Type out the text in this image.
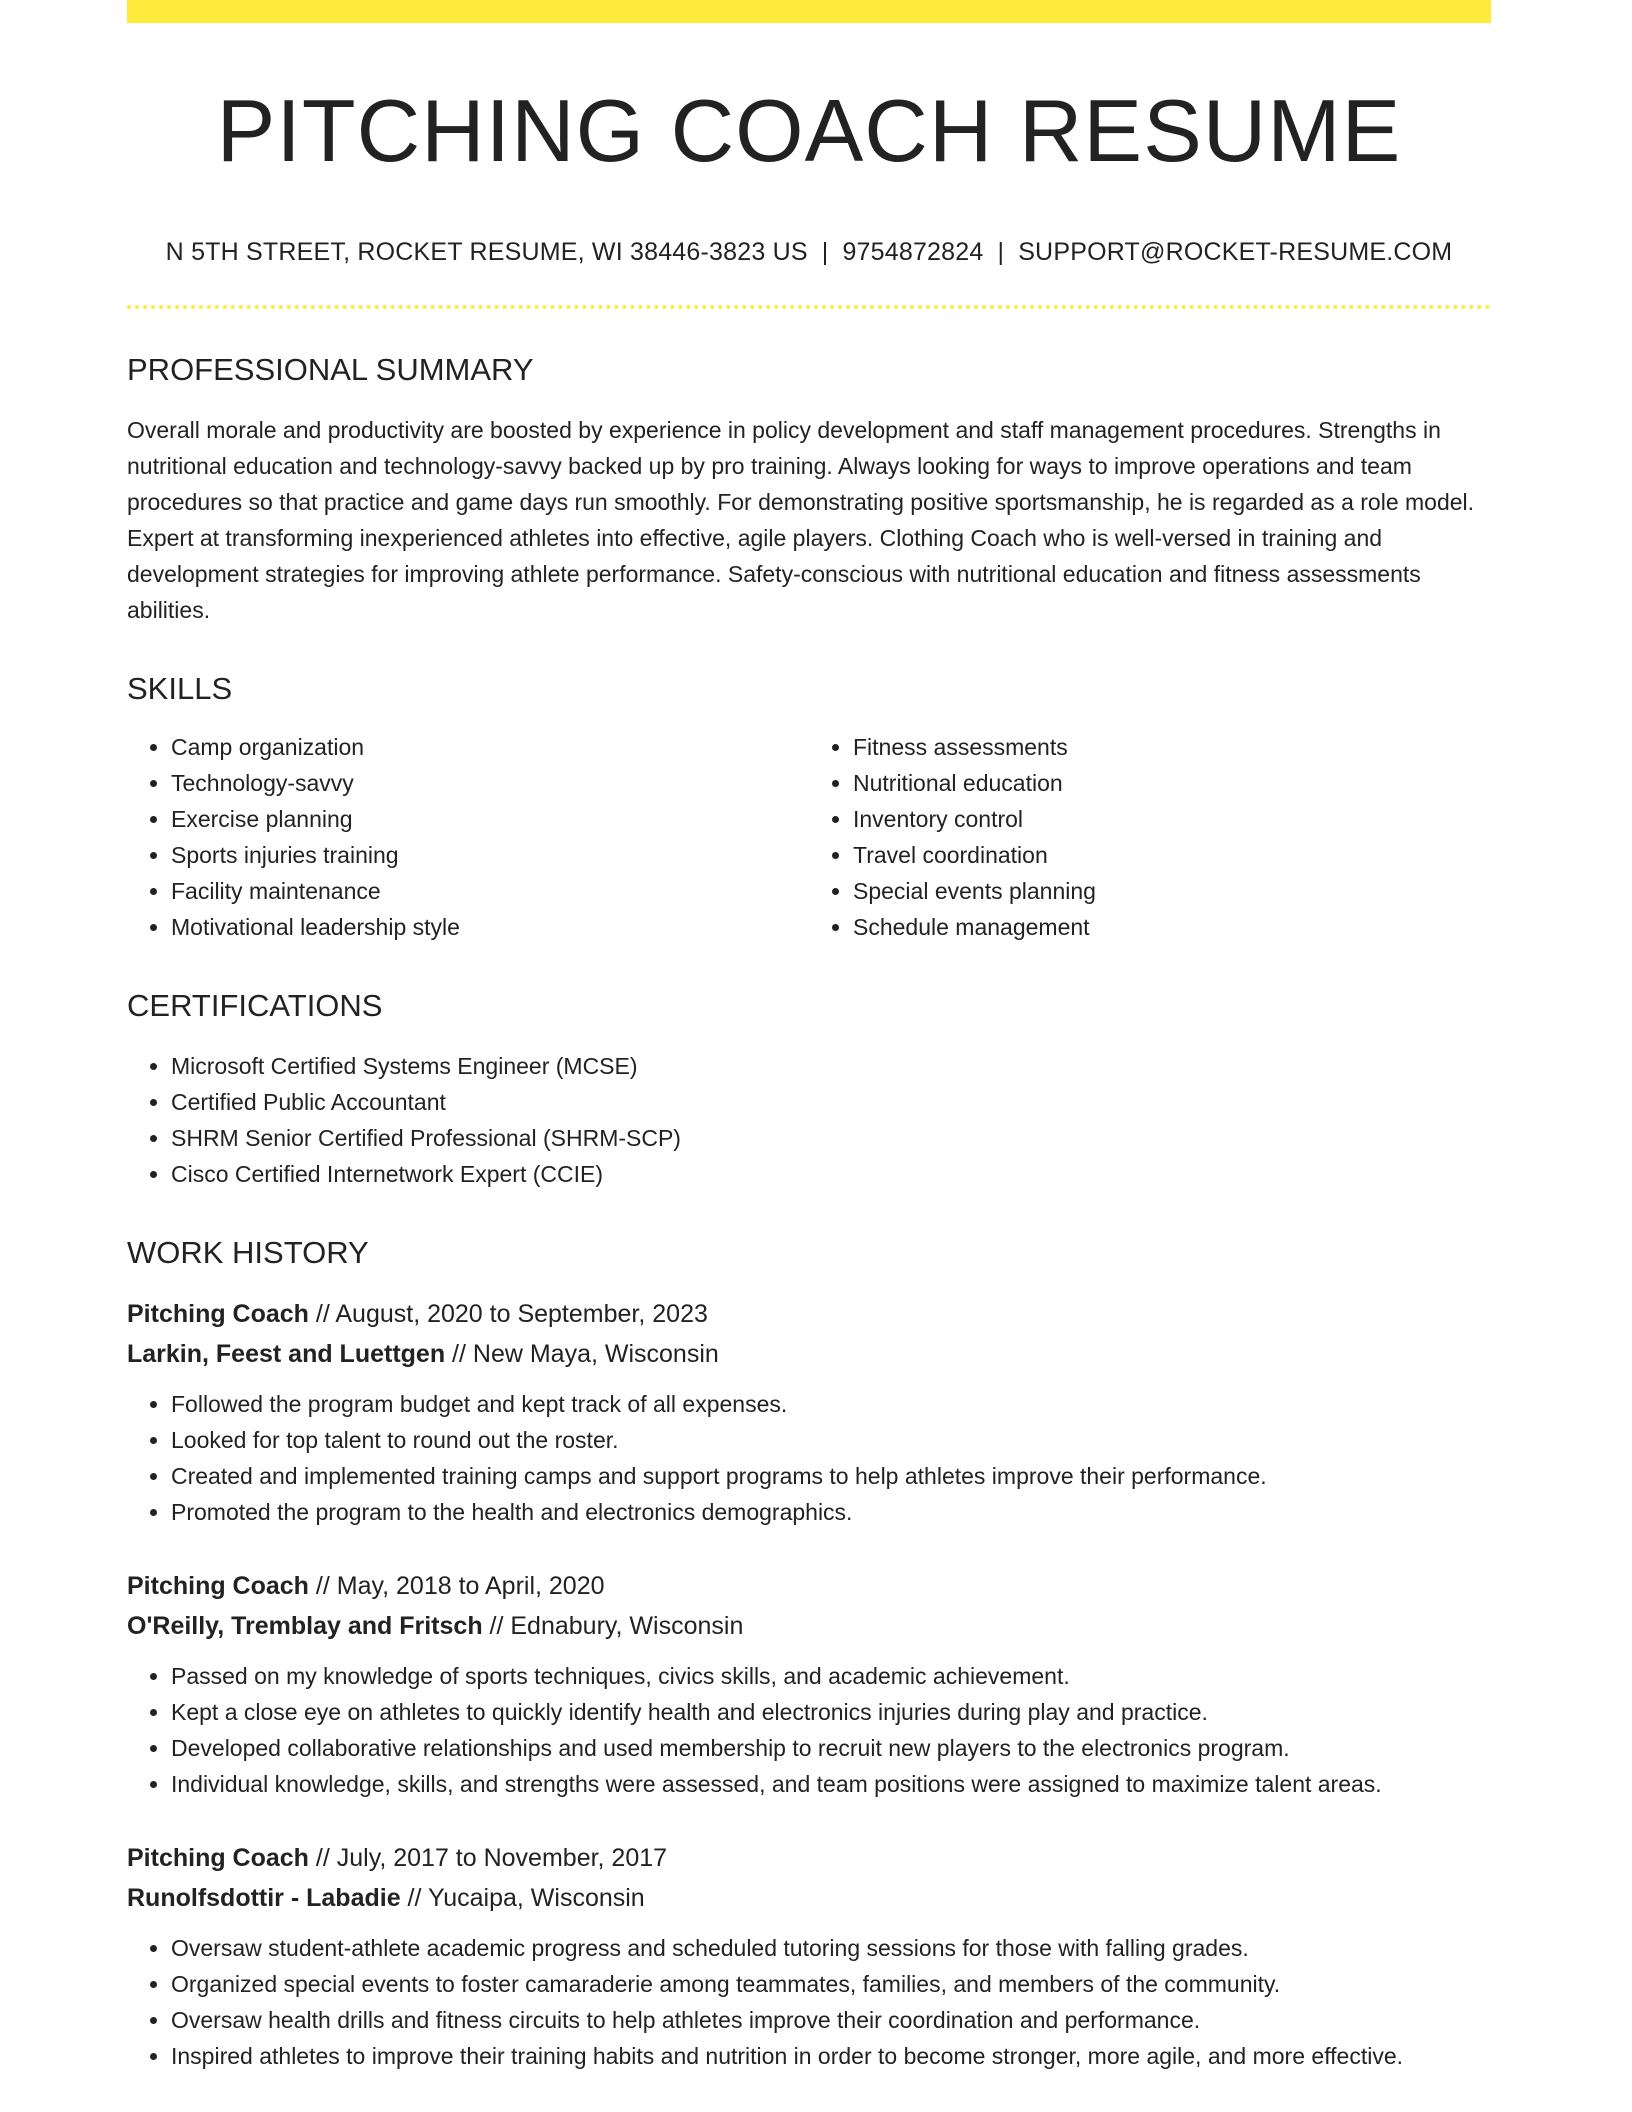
PITCHING COACH RESUME
N 5TH STREET, ROCKET RESUME, WI 38446-3823 US | 9754872824 | SUPPORT@ROCKET-RESUME.COM
PROFESSIONAL SUMMARY

Overall morale and productivity are boosted by experience in policy development and staff management procedures. Strengths in nutritional education and technology-savvy backed up by pro training. Always looking for ways to improve operations and team procedures so that practice and game days run smoothly. For demonstrating positive sportsmanship, he is regarded as a role model. Expert at transforming inexperienced athletes into effective, agile players. Clothing Coach who is well-versed in training and development strategies for improving athlete performance. Safety-conscious with nutritional education and fitness assessments abilities.

SKILLS
• Camp organization
• Technology-savvy
• Exercise planning
• Sports injuries training
• Facility maintenance
• Motivational leadership style
• Fitness assessments
• Nutritional education
• Inventory control
• Travel coordination
• Special events planning
• Schedule management
CERTIFICATIONS
• Microsoft Certified Systems Engineer (MCSE)
• Certified Public Accountant
• SHRM Senior Certified Professional (SHRM-SCP)
• Cisco Certified Internetwork Expert (CCIE)
WORK HISTORY
Pitching Coach // August, 2020 to September, 2023
Larkin, Feest and Luettgen // New Maya, Wisconsin
• Followed the program budget and kept track of all expenses.
• Looked for top talent to round out the roster.
• Created and implemented training camps and support programs to help athletes improve their performance.
• Promoted the program to the health and electronics demographics.
Pitching Coach // May, 2018 to April, 2020
O'Reilly, Tremblay and Fritsch // Ednabury, Wisconsin
• Passed on my knowledge of sports techniques, civics skills, and academic achievement.
• Kept a close eye on athletes to quickly identify health and electronics injuries during play and practice.
• Developed collaborative relationships and used membership to recruit new players to the electronics program.
• Individual knowledge, skills, and strengths were assessed, and team positions were assigned to maximize talent areas.
Pitching Coach // July, 2017 to November, 2017
Runolfsdottir - Labadie // Yucaipa, Wisconsin
• Oversaw student-athlete academic progress and scheduled tutoring sessions for those with falling grades.
• Organized special events to foster camaraderie among teammates, families, and members of the community.
• Oversaw health drills and fitness circuits to help athletes improve their coordination and performance.
• Inspired athletes to improve their training habits and nutrition in order to become stronger, more agile, and more effective.
